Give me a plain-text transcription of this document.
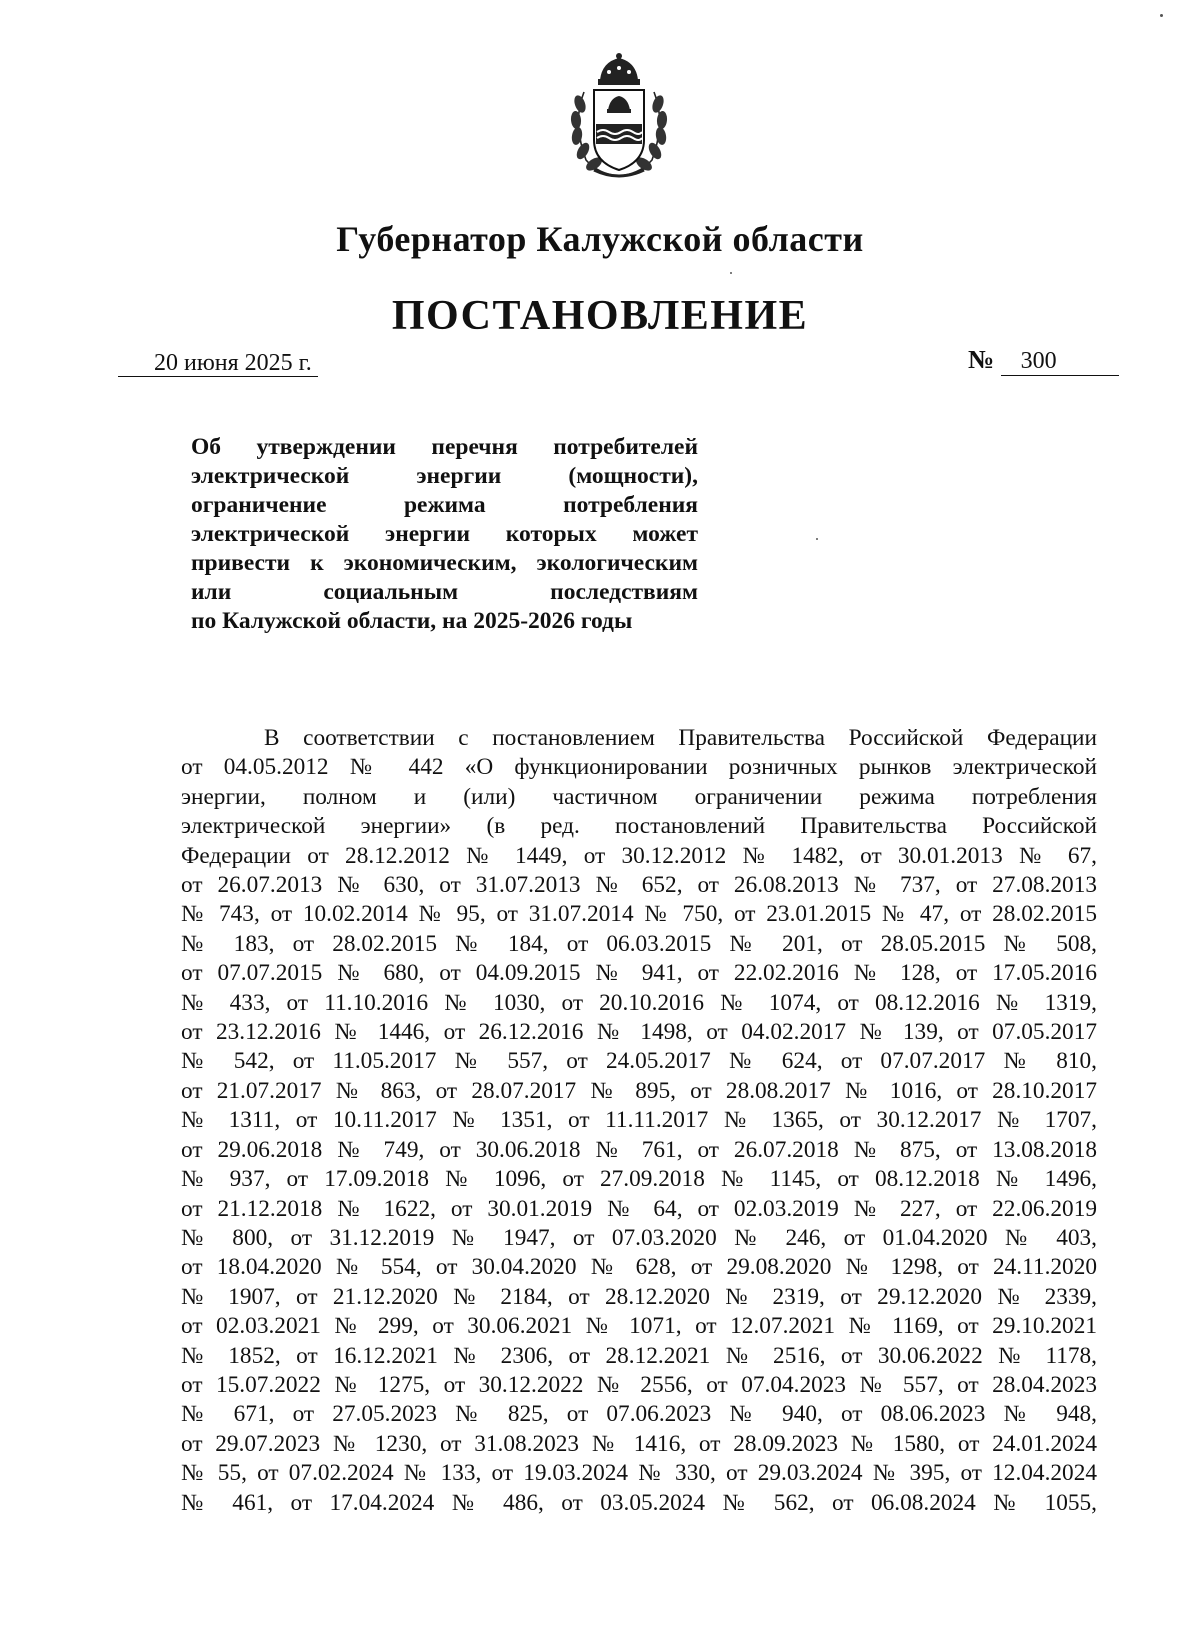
Губернатор Калужской области
ПОСТАНОВЛЕНИЕ
20 июня 2025 г.	№ 300
Об утверждении перечня потребителей
электрической энергии (мощности),
ограничение режима потребления
электрической энергии которых может
привести к экономическим, экологическим
или социальным последствиям
по Калужской области, на 2025-2026 годы
В соответствии с постановлением Правительства Российской Федерации
от 04.05.2012 № 442 «О функционировании розничных рынков электрической
энергии, полном и (или) частичном ограничении режима потребления
электрической энергии» (в ред. постановлений Правительства Российской
Федерации от 28.12.2012 № 1449, от 30.12.2012 № 1482, от 30.01.2013 № 67,
от 26.07.2013 № 630, от 31.07.2013 № 652, от 26.08.2013 № 737, от 27.08.2013
№ 743, от 10.02.2014 № 95, от 31.07.2014 № 750, от 23.01.2015 № 47, от 28.02.2015
№ 183, от 28.02.2015 № 184, от 06.03.2015 № 201, от 28.05.2015 № 508,
от 07.07.2015 № 680, от 04.09.2015 № 941, от 22.02.2016 № 128, от 17.05.2016
№ 433, от 11.10.2016 № 1030, от 20.10.2016 № 1074, от 08.12.2016 № 1319,
от 23.12.2016 № 1446, от 26.12.2016 № 1498, от 04.02.2017 № 139, от 07.05.2017
№ 542, от 11.05.2017 № 557, от 24.05.2017 № 624, от 07.07.2017 № 810,
от 21.07.2017 № 863, от 28.07.2017 № 895, от 28.08.2017 № 1016, от 28.10.2017
№ 1311, от 10.11.2017 № 1351, от 11.11.2017 № 1365, от 30.12.2017 № 1707,
от 29.06.2018 № 749, от 30.06.2018 № 761, от 26.07.2018 № 875, от 13.08.2018
№ 937, от 17.09.2018 № 1096, от 27.09.2018 № 1145, от 08.12.2018 № 1496,
от 21.12.2018 № 1622, от 30.01.2019 № 64, от 02.03.2019 № 227, от 22.06.2019
№ 800, от 31.12.2019 № 1947, от 07.03.2020 № 246, от 01.04.2020 № 403,
от 18.04.2020 № 554, от 30.04.2020 № 628, от 29.08.2020 № 1298, от 24.11.2020
№ 1907, от 21.12.2020 № 2184, от 28.12.2020 № 2319, от 29.12.2020 № 2339,
от 02.03.2021 № 299, от 30.06.2021 № 1071, от 12.07.2021 № 1169, от 29.10.2021
№ 1852, от 16.12.2021 № 2306, от 28.12.2021 № 2516, от 30.06.2022 № 1178,
от 15.07.2022 № 1275, от 30.12.2022 № 2556, от 07.04.2023 № 557, от 28.04.2023
№ 671, от 27.05.2023 № 825, от 07.06.2023 № 940, от 08.06.2023 № 948,
от 29.07.2023 № 1230, от 31.08.2023 № 1416, от 28.09.2023 № 1580, от 24.01.2024
№ 55, от 07.02.2024 № 133, от 19.03.2024 № 330, от 29.03.2024 № 395, от 12.04.2024
№ 461, от 17.04.2024 № 486, от 03.05.2024 № 562, от 06.08.2024 № 1055,
